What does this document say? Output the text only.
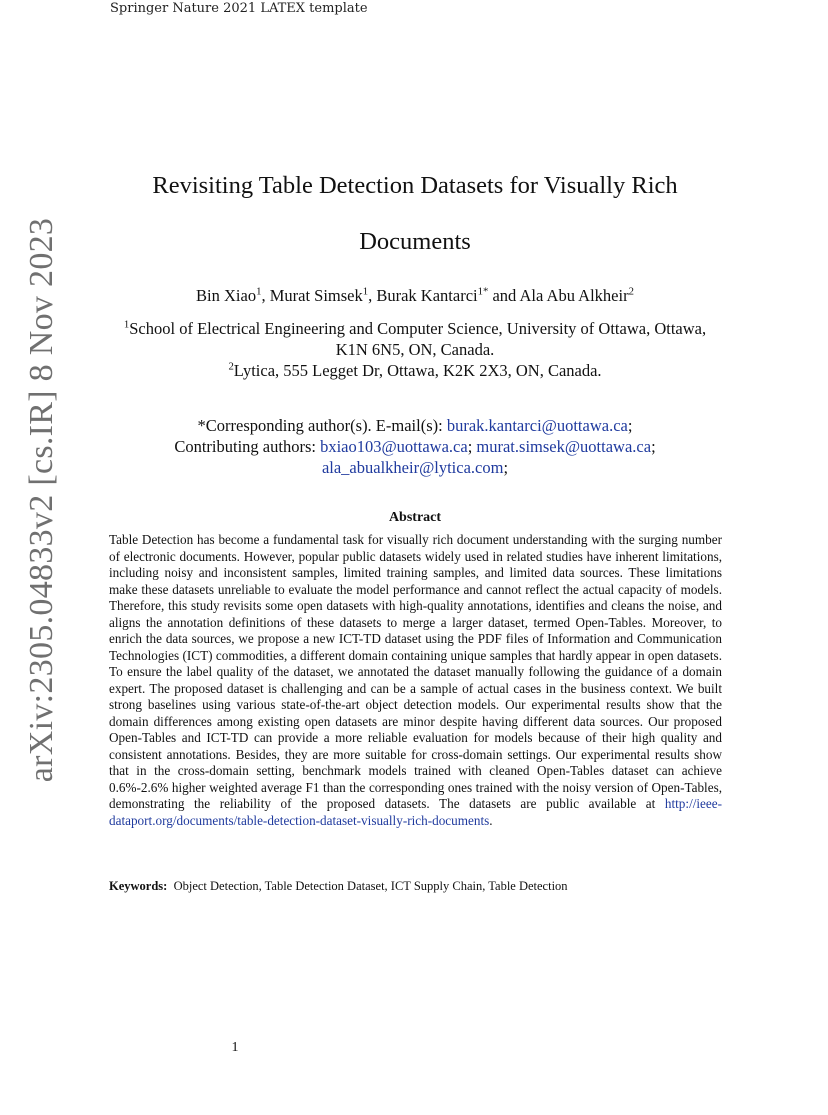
Springer Nature 2021 LATEX template
arXiv:2305.04833v2 [cs.IR] 8 Nov 2023
Revisiting Table Detection Datasets for Visually Rich
Documents
Bin Xiao$^1$, Murat Simsek$^1$, Burak Kantarci$^{1*}$ and Ala Abu Alkheir$^2$
$^1$School of Electrical Engineering and Computer Science, University of Ottawa, Ottawa,
K1N 6N5, ON, Canada.
$^2$Lytica, 555 Legget Dr, Ottawa, K2K 2X3, ON, Canada.
*Corresponding author(s). E-mail(s): burak.kantarci@uottawa.ca;
Contributing authors: bxiao103@uottawa.ca; murat.simsek@uottawa.ca;
ala_abualkheir@lytica.com;
Abstract
Table Detection has become a fundamental task for visually rich document understanding with the surging number of electronic documents. However, popular public datasets widely used in related studies have inherent limitations, including noisy and inconsistent samples, limited training samples, and limited data sources. These limitations make these datasets unreliable to evaluate the model performance and cannot reflect the actual capacity of models. Therefore, this study revisits some open datasets with high-quality annotations, identifies and cleans the noise, and aligns the annotation definitions of these datasets to merge a larger dataset, termed Open-Tables. Moreover, to enrich the data sources, we propose a new ICT-TD dataset using the PDF files of Information and Communication Technologies (ICT) commodities, a different domain containing unique samples that hardly appear in open datasets. To ensure the label quality of the dataset, we annotated the dataset manually following the guidance of a domain expert. The proposed dataset is challenging and can be a sample of actual cases in the business context. We built strong baselines using various state-of-the-art object detection models. Our experimental results show that the domain differences among existing open datasets are minor despite having different data sources. Our proposed Open-Tables and ICT-TD can provide a more reliable evaluation for models because of their high quality and consistent annotations. Besides, they are more suitable for cross-domain settings. Our experimental results show that in the cross-domain setting, benchmark models trained with cleaned Open-Tables dataset can achieve 0.6%-2.6% higher weighted average F1 than the corresponding ones trained with the noisy version of Open-Tables, demonstrating the reliability of the proposed datasets. The datasets are public available at http://ieee-dataport.org/documents/table-detection-dataset-visually-rich-documents.
Keywords: Object Detection, Table Detection Dataset, ICT Supply Chain, Table Detection
1
